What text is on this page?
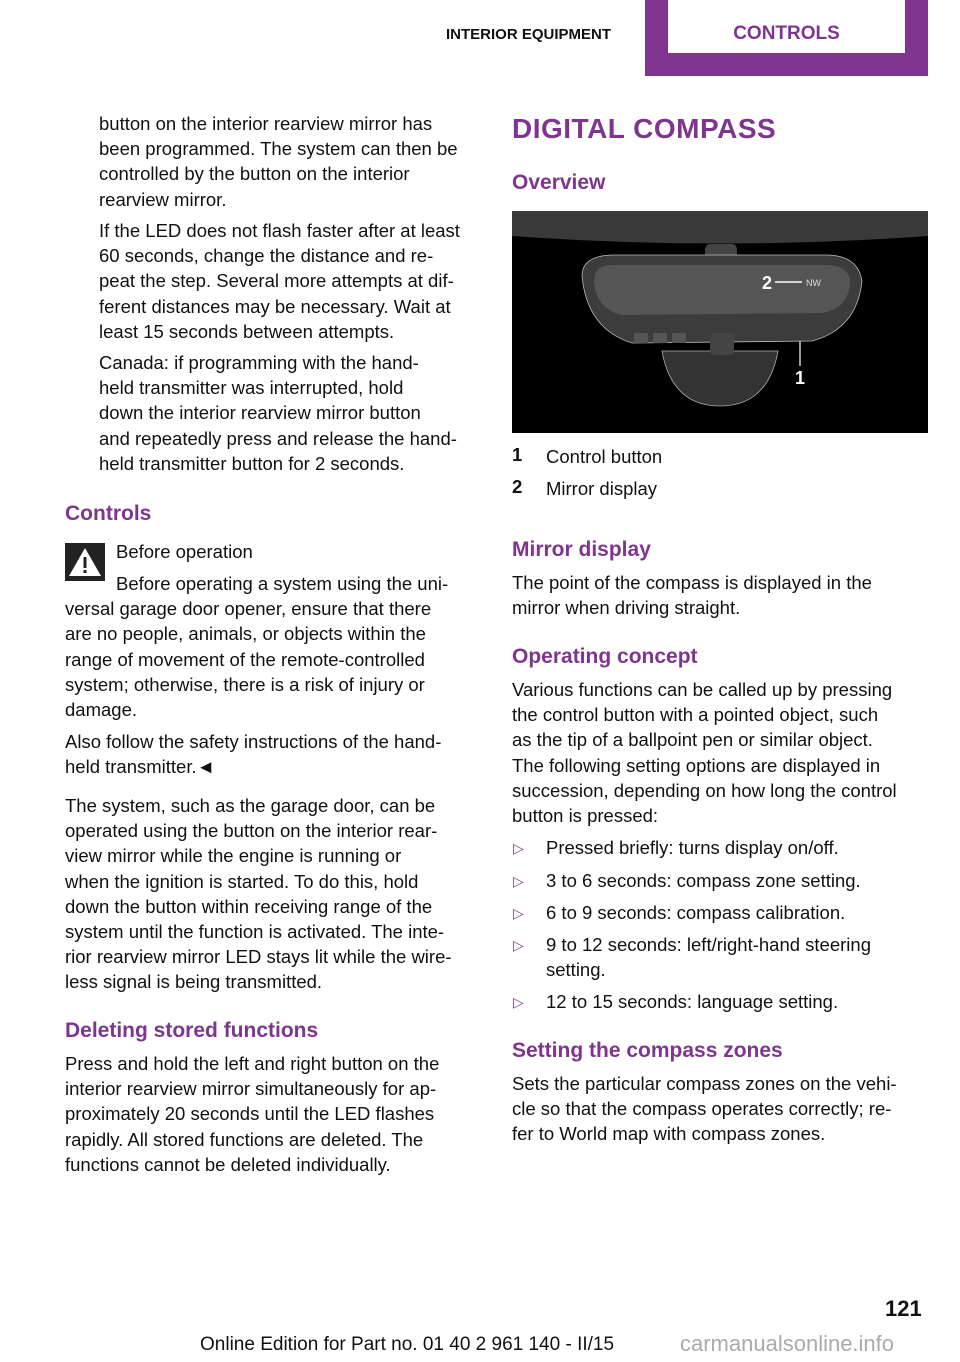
INTERIOR EQUIPMENT	CONTROLS
button on the interior rearview mirror has
been programmed. The system can then be
controlled by the button on the interior
rearview mirror.
If the LED does not flash faster after at least
60 seconds, change the distance and re-
peat the step. Several more attempts at dif-
ferent distances may be necessary. Wait at
least 15 seconds between attempts.
Canada: if programming with the hand-
held transmitter was interrupted, hold
down the interior rearview mirror button
and repeatedly press and release the hand-
held transmitter button for 2 seconds.
Controls
Before operation
Before operating a system using the uni-
versal garage door opener, ensure that there
are no people, animals, or objects within the
range of movement of the remote-controlled
system; otherwise, there is a risk of injury or
damage.
Also follow the safety instructions of the hand-
held transmitter.◄
The system, such as the garage door, can be
operated using the button on the interior rear-
view mirror while the engine is running or
when the ignition is started. To do this, hold
down the button within receiving range of the
system until the function is activated. The inte-
rior rearview mirror LED stays lit while the wire-
less signal is being transmitted.
Deleting stored functions
Press and hold the left and right button on the
interior rearview mirror simultaneously for ap-
proximately 20 seconds until the LED flashes
rapidly. All stored functions are deleted. The
functions cannot be deleted individually.
DIGITAL COMPASS
Overview
1
2	NW
1 Control button
2 Mirror display
Mirror display
The point of the compass is displayed in the
mirror when driving straight.
Operating concept
Various functions can be called up by pressing
the control button with a pointed object, such
as the tip of a ballpoint pen or similar object.
The following setting options are displayed in
succession, depending on how long the control
button is pressed:
▷ Pressed briefly: turns display on/off.
▷ 3 to 6 seconds: compass zone setting.
▷ 6 to 9 seconds: compass calibration.
▷ 9 to 12 seconds: left/right-hand steering
setting.
▷ 12 to 15 seconds: language setting.
Setting the compass zones
Sets the particular compass zones on the vehi-
cle so that the compass operates correctly; re-
fer to World map with compass zones.
121
Online Edition for Part no. 01 40 2 961 140 - II/15	carmanualsonline.info
